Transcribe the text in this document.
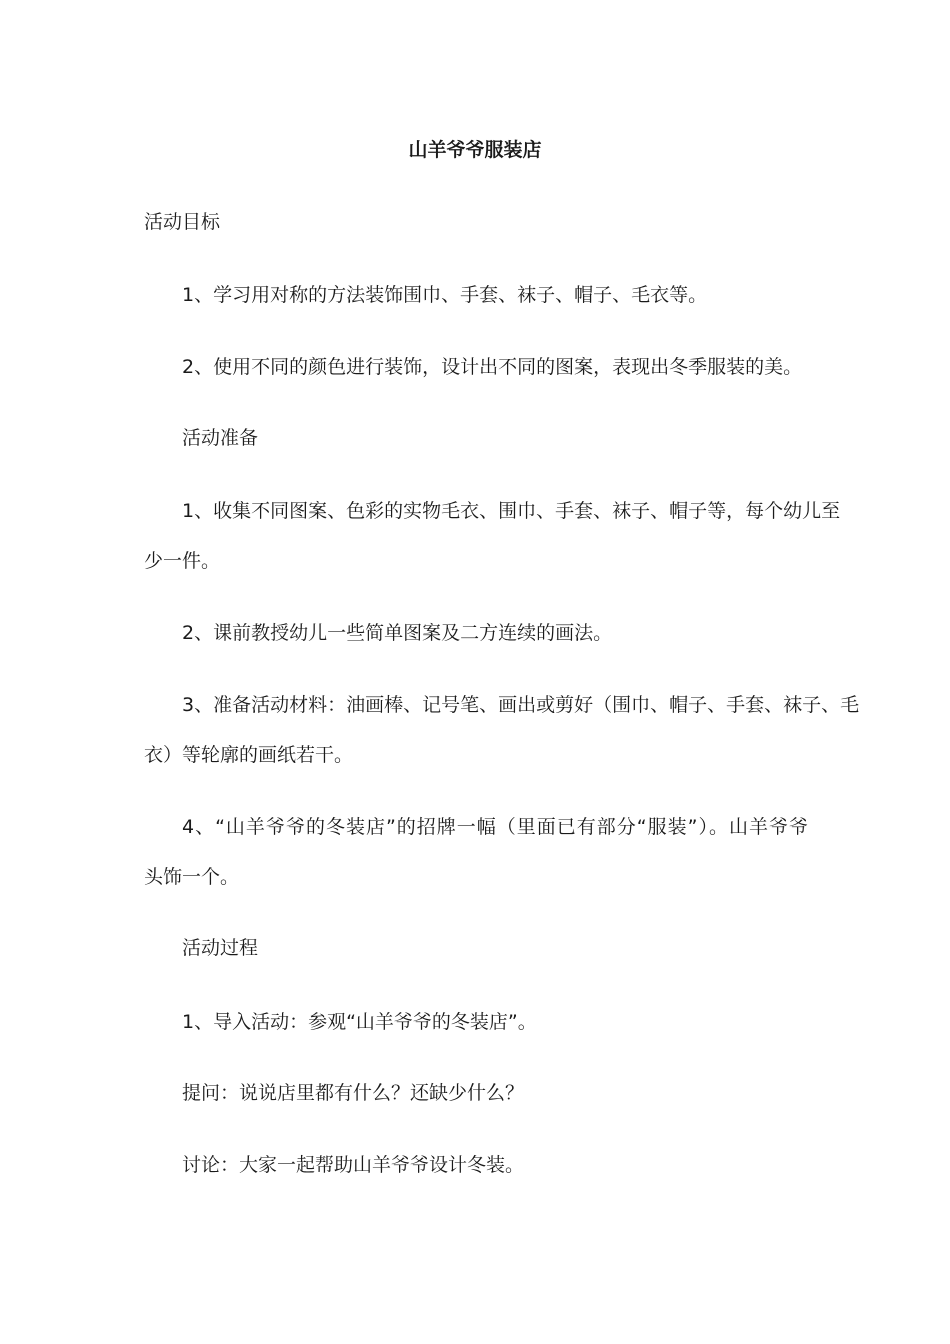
山羊爷爷服装店
活动目标
1、学习用对称的方法装饰围巾、手套、袜子、帽子、毛衣等。
2、使用不同的颜色进行装饰，设计出不同的图案，表现出冬季服装的美。
活动准备
1、收集不同图案、色彩的实物毛衣、围巾、手套、袜子、帽子等，每个幼儿至
少一件。
2、课前教授幼儿一些简单图案及二方连续的画法。
3、准备活动材料：油画棒、记号笔、画出或剪好（围巾、帽子、手套、袜子、毛
衣）等轮廓的画纸若干。
4、“山羊爷爷的冬装店”的招牌一幅（里面已有部分“服装”）。山羊爷爷
头饰一个。
活动过程
1、导入活动：参观“山羊爷爷的冬装店”。
提问：说说店里都有什么？还缺少什么？
讨论：大家一起帮助山羊爷爷设计冬装。
